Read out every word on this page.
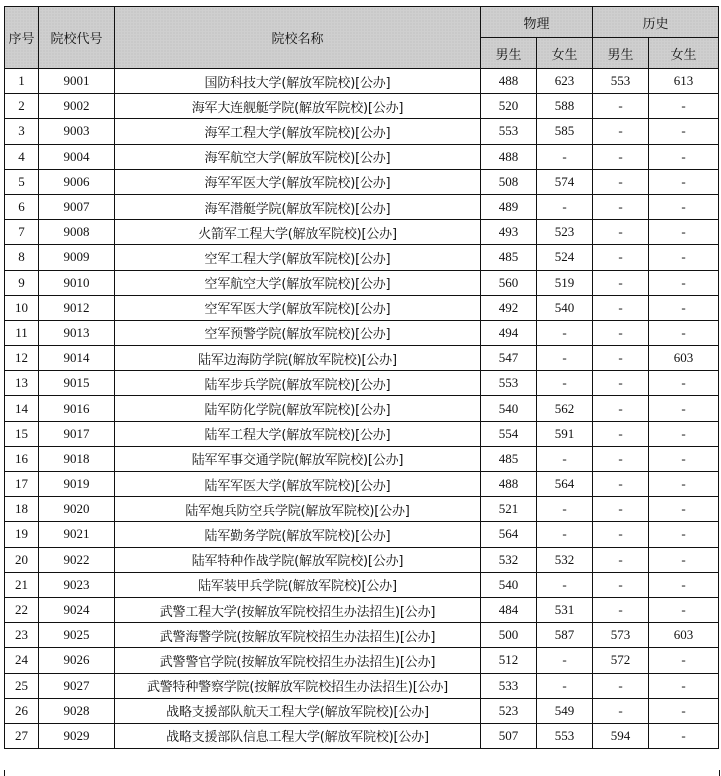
序号	院校代号	院校名称	物理		历史	
			男生	女生	男生	女生
1	9001	国防科技大学(解放军院校)[公办]	488	623	553	613
2	9002	海军大连舰艇学院(解放军院校)[公办]	520	588	-	-
3	9003	海军工程大学(解放军院校)[公办]	553	585	-	-
4	9004	海军航空大学(解放军院校)[公办]	488	-	-	-
5	9006	海军军医大学(解放军院校)[公办]	508	574	-	-
6	9007	海军潜艇学院(解放军院校)[公办]	489	-	-	-
7	9008	火箭军工程大学(解放军院校)[公办]	493	523	-	-
8	9009	空军工程大学(解放军院校)[公办]	485	524	-	-
9	9010	空军航空大学(解放军院校)[公办]	560	519	-	-
10	9012	空军军医大学(解放军院校)[公办]	492	540	-	-
11	9013	空军预警学院(解放军院校)[公办]	494	-	-	-
12	9014	陆军边海防学院(解放军院校)[公办]	547	-	-	603
13	9015	陆军步兵学院(解放军院校)[公办]	553	-	-	-
14	9016	陆军防化学院(解放军院校)[公办]	540	562	-	-
15	9017	陆军工程大学(解放军院校)[公办]	554	591	-	-
16	9018	陆军军事交通学院(解放军院校)[公办]	485	-	-	-
17	9019	陆军军医大学(解放军院校)[公办]	488	564	-	-
18	9020	陆军炮兵防空兵学院(解放军院校)[公办]	521	-	-	-
19	9021	陆军勤务学院(解放军院校)[公办]	564	-	-	-
20	9022	陆军特种作战学院(解放军院校)[公办]	532	532	-	-
21	9023	陆军装甲兵学院(解放军院校)[公办]	540	-	-	-
22	9024	武警工程大学(按解放军院校招生办法招生)[公办]	484	531	-	-
23	9025	武警海警学院(按解放军院校招生办法招生)[公办]	500	587	573	603
24	9026	武警警官学院(按解放军院校招生办法招生)[公办]	512	-	572	-
25	9027	武警特种警察学院(按解放军院校招生办法招生)[公办]	533	-	-	-
26	9028	战略支援部队航天工程大学(解放军院校)[公办]	523	549	-	-
27	9029	战略支援部队信息工程大学(解放军院校)[公办]	507	553	594	-
